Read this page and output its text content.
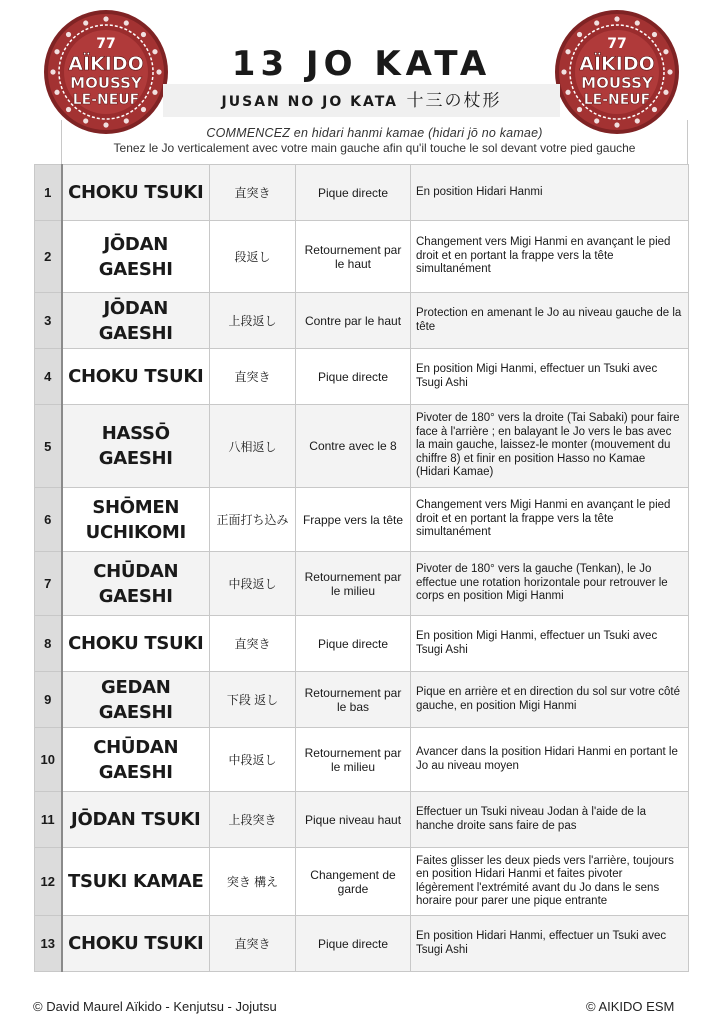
77
AÏKIDO
MOUSSY
LE-NEUF
77
AÏKIDO
MOUSSY
LE-NEUF
13 JO KATA
JUSAN NO JO KATA 十三の杖形
COMMENCEZ en hidari hanmi kamae (hidari jō no kamae)
Tenez le Jo verticalement avec votre main gauche afin qu'il touche le sol devant votre pied gauche
1	CHOKU TSUKI	直突き	Pique directe	En position Hidari Hanmi
2	JŌDAN GAESHI	段返し	Retournement par le haut	Changement vers Migi Hanmi en avançant le pied droit et en portant la frappe vers la tête simultanément
3	JŌDAN GAESHI	上段返し	Contre par le haut	Protection en amenant le Jo au niveau gauche de la tête
4	CHOKU TSUKI	直突き	Pique directe	En position Migi Hanmi, effectuer un Tsuki avec Tsugi Ashi
5	HASSŌ GAESHI	八相返し	Contre avec le 8	Pivoter de 180° vers la droite (Tai Sabaki) pour faire face à l'arrière ; en balayant le Jo vers le bas avec la main gauche, laissez-le monter (mouvement du chiffre 8) et finir en position Hasso no Kamae (Hidari Kamae)
6	SHŌMEN UCHIKOMI	正面打ち込み	Frappe vers la tête	Changement vers Migi Hanmi en avançant le pied droit et en portant la frappe vers la tête simultanément
7	CHŪDAN GAESHI	中段返し	Retournement par le milieu	Pivoter de 180° vers la gauche (Tenkan), le Jo effectue une rotation horizontale pour retrouver le corps en position Migi Hanmi
8	CHOKU TSUKI	直突き	Pique directe	En position Migi Hanmi, effectuer un Tsuki avec Tsugi Ashi
9	GEDAN GAESHI	下段 返し	Retournement par le bas	Pique en arrière et en direction du sol sur votre côté gauche, en position Migi Hanmi
10	CHŪDAN GAESHI	中段返し	Retournement par le milieu	Avancer dans la position Hidari Hanmi en portant le Jo au niveau moyen
11	JŌDAN TSUKI	上段突き	Pique niveau haut	Effectuer un Tsuki niveau Jodan à l'aide de la hanche droite sans faire de pas
12	TSUKI KAMAE	突き 構え	Changement de garde	Faites glisser les deux pieds vers l'arrière, toujours en position Hidari Hanmi et faites pivoter légèrement l'extrémité avant du Jo dans le sens horaire pour parer une pique entrante
13	CHOKU TSUKI	直突き	Pique directe	En position Hidari Hanmi, effectuer un Tsuki avec Tsugi Ashi
© David Maurel Aïkido - Kenjutsu - Jojutsu	© AIKIDO ESM
